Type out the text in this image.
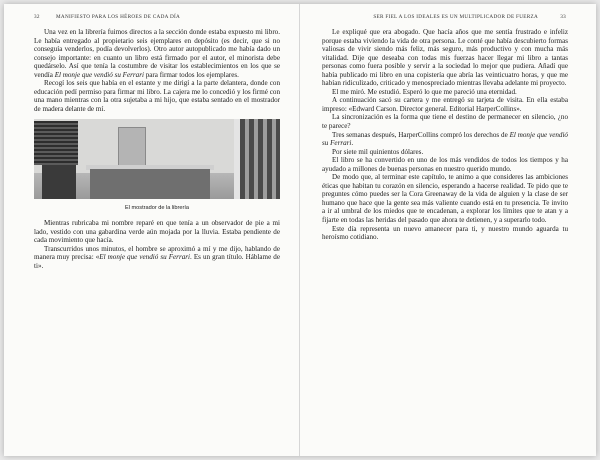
32	MANIFIESTO PARA LOS HÉROES DE CADA DÍA

Una vez en la librería fuimos directos a la sección donde estaba expuesto mi libro. Le había entregado al propietario seis ejemplares en depósito (es decir, que si no conseguía venderlos, podía devolverlos). Otro autor autopublicado me había dado un consejo importante: en cuanto un libro está firmado por el autor, el minorista debe quedárselo. Así que tenía la costumbre de visitar los establecimientos en los que se vendía El monje que vendió su Ferrari para firmar todos los ejemplares.

Recogí los seis que había en el estante y me dirigí a la parte delantera, donde con educación pedí permiso para firmar mi libro. La cajera me lo concedió y los firmé con una mano mientras con la otra sujetaba a mi hijo, que estaba sentado en el mostrador de madera delante de mí.

El mostrador de la librería

Mientras rubricaba mi nombre reparé en que tenía a un observador de pie a mi lado, vestido con una gabardina verde aún mojada por la lluvia. Estaba pendiente de cada movimiento que hacía.

Transcurridos unos minutos, el hombre se aproximó a mí y me dijo, hablando de manera muy precisa: «El monje que vendió su Ferrari. Es un gran título. Háblame de ti».

SER FIEL A LOS IDEALES ES UN MULTIPLICADOR DE FUERZA	33

Le expliqué que era abogado. Que hacía años que me sentía frustrado e infeliz porque estaba viviendo la vida de otra persona. Le conté que había descubierto formas valiosas de vivir siendo más feliz, más seguro, más productivo y con mucha más vitalidad. Dije que deseaba con todas mis fuerzas hacer llegar mi libro a tantas personas como fuera posible y servir a la sociedad lo mejor que pudiera. Añadí que había publicado mi libro en una copistería que abría las veinticuatro horas, y que me habían ridiculizado, criticado y menospreciado mientras llevaba adelante mi proyecto.

El me miró. Me estudió. Esperó lo que me pareció una eternidad.

A continuación sacó su cartera y me entregó su tarjeta de visita. En ella estaba impreso: «Edward Carson. Director general. Editorial HarperCollins».

La sincronización es la forma que tiene el destino de permanecer en silencio, ¿no te parece?

Tres semanas después, HarperCollins compró los derechos de El monje que vendió su Ferrari.

Por siete mil quinientos dólares.

El libro se ha convertido en uno de los más vendidos de todos los tiempos y ha ayudado a millones de buenas personas en nuestro querido mundo.

De modo que, al terminar este capítulo, te animo a que consideres las ambiciones éticas que habitan tu corazón en silencio, esperando a hacerse realidad. Te pido que te preguntes cómo puedes ser la Cora Greenaway de la vida de alguien y la clase de ser humano que hace que la gente sea más valiente cuando está en tu presencia. Te invito a ir al umbral de los miedos que te encadenan, a explorar los límites que te atan y a fijarte en todas las heridas del pasado que ahora te detienen, y a superarlo todo.

Este día representa un nuevo amanecer para ti, y nuestro mundo aguarda tu heroísmo cotidiano.
